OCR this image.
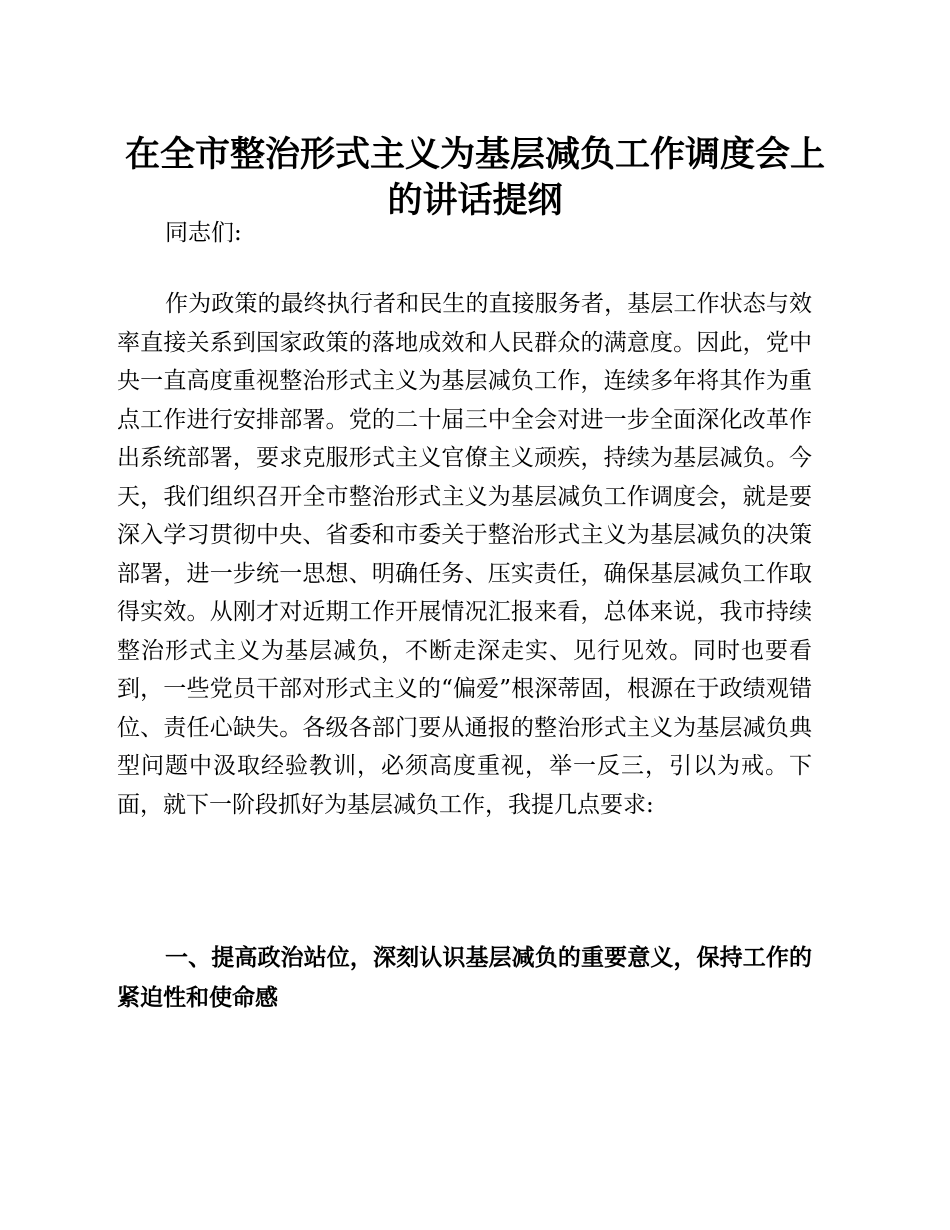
在全市整治形式主义为基层减负工作调度会上的讲话提纲

同志们:

作为政策的最终执行者和民生的直接服务者，基层工作状态与效率直接关系到国家政策的落地成效和人民群众的满意度。因此，党中央一直高度重视整治形式主义为基层减负工作，连续多年将其作为重点工作进行安排部署。党的二十届三中全会对进一步全面深化改革作出系统部署，要求克服形式主义官僚主义顽疾，持续为基层减负。今天，我们组织召开全市整治形式主义为基层减负工作调度会，就是要深入学习贯彻中央、省委和市委关于整治形式主义为基层减负的决策部署，进一步统一思想、明确任务、压实责任，确保基层减负工作取得实效。从刚才对近期工作开展情况汇报来看，总体来说，我市持续整治形式主义为基层减负，不断走深走实、见行见效。同时也要看到，一些党员干部对形式主义的“偏爱”根深蒂固，根源在于政绩观错位、责任心缺失。各级各部门要从通报的整治形式主义为基层减负典型问题中汲取经验教训，必须高度重视，举一反三，引以为戒。下面，就下一阶段抓好为基层减负工作，我提几点要求:

一、提高政治站位，深刻认识基层减负的重要意义，保持工作的紧迫性和使命感
